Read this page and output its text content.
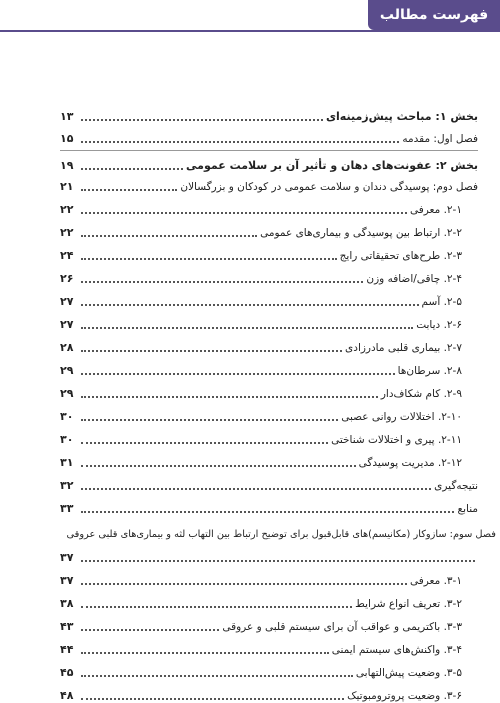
فهرست مطالب
بخش ۱: مباحث پیش‌زمینه‌ای
۱۳
فصل اول: مقدمه
۱۵
بخش ۲: عفونت‌های دهان و تأثیر آن بر سلامت عمومی
۱۹
فصل دوم: پوسیدگی دندان و سلامت عمومی در کودکان و بزرگسالان
۲۱
۲-۱. معرفی
۲۲
۲-۲. ارتباط بین پوسیدگی و بیماری‌های عمومی
۲۲
۲-۳. طرح‌های تحقیقاتی رایج
۲۴
۲-۴. چاقی/اضافه وزن
۲۶
۲-۵. آسم
۲۷
۲-۶. دیابت
۲۷
۲-۷. بیماری قلبی مادرزادی
۲۸
۲-۸. سرطان‌ها
۲۹
۲-۹. کام شکاف‌دار
۲۹
۲-۱۰. اختلالات روانی عصبی
۳۰
۲-۱۱. پیری و اختلالات شناختی
۳۰
۲-۱۲. مدیریت پوسیدگی
۳۱
نتیجه‌گیری
۳۲
منابع
۳۳
فصل سوم: سازوکار (مکانیسم)های قابل‌قبول برای توضیح ارتباط بین التهاب لثه و بیماری‌های قلبی عروقی
۳۷
۳-۱. معرفی
۳۷
۳-۲. تعریف انواع شرایط
۳۸
۳-۳. باکتریمی و عواقب آن برای سیستم قلبی و عروقی
۴۳
۳-۴. واکنش‌های سیستم ایمنی
۴۴
۳-۵. وضعیت پیش‌التهابی
۴۵
۳-۶. وضعیت پروترومبوتیک
۴۸
